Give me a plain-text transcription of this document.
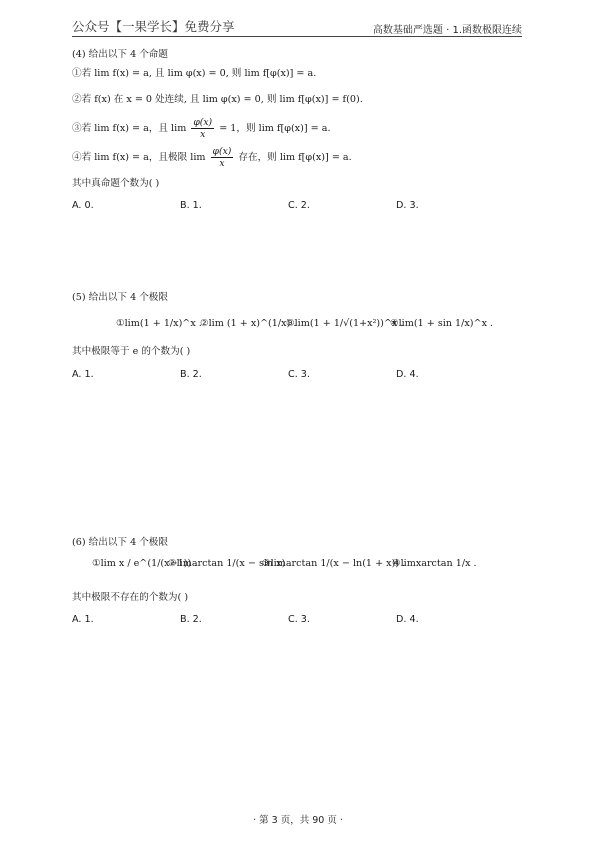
公众号【一果学长】免费分享	高数基础严选题 · 1.函数极限连续
(4) 给出以下 4 个命题
①若 lim f(x) = a, 且 lim φ(x) = 0, 则 lim f[φ(x)] = a.
②若 f(x) 在 x = 0 处连续, 且 lim φ(x) = 0, 则 lim f[φ(x)] = f(0).
③若 lim f(x) = a，且 $\lim \frac{\varphi(x)}{x} = 1$，则 lim f[φ(x)] = a.
④若 lim f(x) = a，且极限 $\lim \frac{\varphi(x)}{x}$ 存在，则 lim f[φ(x)] = a.
其中真命题个数为( )
A. 0.	B. 1.	C. 2.	D. 3.
(5) 给出以下 4 个极限
①lim(1 + 1/x)^x .
②lim (1 + x)^(1/x) .
③lim(1 + 1/√(1+x²))^x .
④lim(1 + sin 1/x)^x .
其中极限等于 e 的个数为( )
A. 1.	B. 2.	C. 3.	D. 4.
(6) 给出以下 4 个极限
①lim x / e^(1/(x−1)) .
②limarctan 1/(x − sin x) .
③limarctan 1/(x − ln(1 + x)) .
④limxarctan 1/x .
其中极限不存在的个数为( )
A. 1.	B. 2.	C. 3.	D. 4.
· 第 3 页，共 90 页 ·
